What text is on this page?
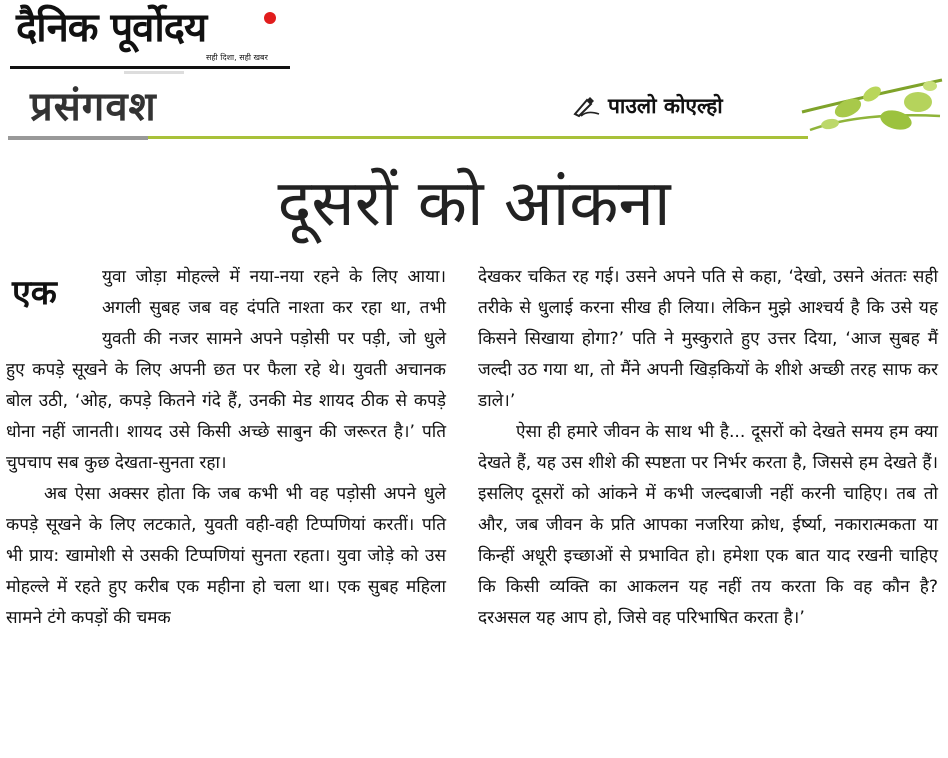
दैनिक पूर्वोदय
सही दिशा, सही खबर
प्रसंगवश	पाउलो कोएल्हो
दूसरों को आंकना
एक	युवा जोड़ा मोहल्ले में नया-नया रहने के लिए आया। अगली सुबह जब वह दंपति नाश्ता कर रहा था, तभी युवती की नजर सामने अपने पड़ोसी पर पड़ी, जो धुले हुए कपड़े सूखने के लिए अपनी छत पर फैला रहे थे। युवती अचानक बोल उठी, ‘ओह, कपड़े कितने गंदे हैं, उनकी मेड शायद ठीक से कपड़े धोना नहीं जानती। शायद उसे किसी अच्छे साबुन की जरूरत है।’ पति चुपचाप सब कुछ देखता-सुनता रहा।

अब ऐसा अक्सर होता कि जब कभी भी वह पड़ोसी अपने धुले कपड़े सूखने के लिए लटकाते, युवती वही-वही टिप्पणियां करतीं। पति भी प्राय: खामोशी से उसकी टिप्पणियां सुनता रहता। युवा जोड़े को उस मोहल्ले में रहते हुए करीब एक महीना हो चला था। एक सुबह महिला सामने टंगे कपड़ों की चमक

देखकर चकित रह गई। उसने अपने पति से कहा, ‘देखो, उसने अंततः सही तरीके से धुलाई करना सीख ही लिया। लेकिन मुझे आश्चर्य है कि उसे यह किसने सिखाया होगा?’ पति ने मुस्कुराते हुए उत्तर दिया, ‘आज सुबह मैं जल्दी उठ गया था, तो मैंने अपनी खिड़कियों के शीशे अच्छी तरह साफ कर डाले।’

ऐसा ही हमारे जीवन के साथ भी है... दूसरों को देखते समय हम क्या देखते हैं, यह उस शीशे की स्पष्टता पर निर्भर करता है, जिससे हम देखते हैं। इसलिए दूसरों को आंकने में कभी जल्दबाजी नहीं करनी चाहिए। तब तो और, जब जीवन के प्रति आपका नजरिया क्रोध, ईर्ष्या, नकारात्मकता या किन्हीं अधूरी इच्छाओं से प्रभावित हो। हमेशा एक बात याद रखनी चाहिए कि किसी व्यक्ति का आकलन यह नहीं तय करता कि वह कौन है? दरअसल यह आप हो, जिसे वह परिभाषित करता है।’
